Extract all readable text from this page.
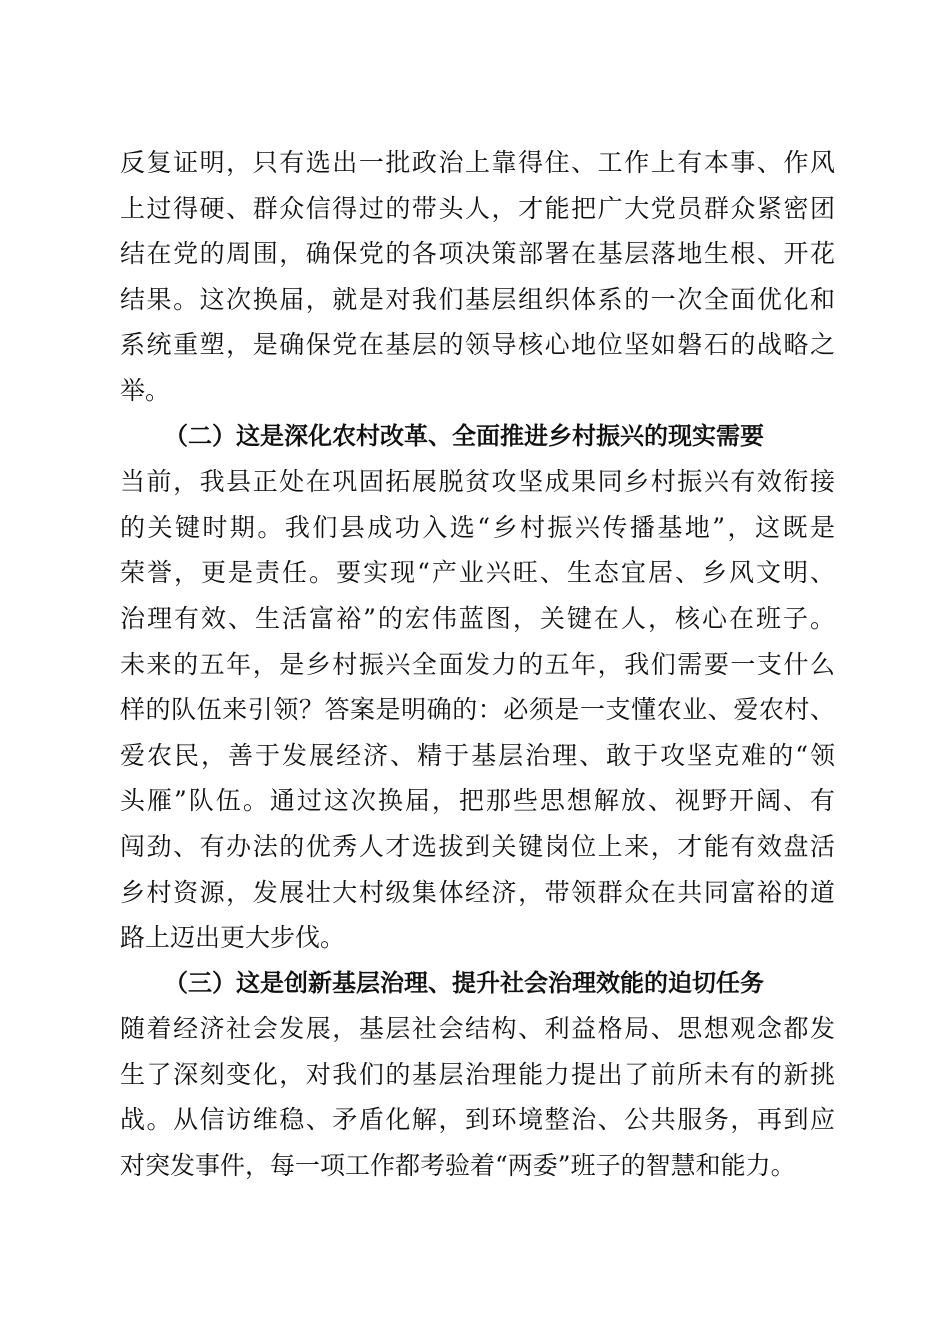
反复证明，只有选出一批政治上靠得住、工作上有本事、作风
上过得硬、群众信得过的带头人，才能把广大党员群众紧密团
结在党的周围，确保党的各项决策部署在基层落地生根、开花
结果。这次换届，就是对我们基层组织体系的一次全面优化和
系统重塑，是确保党在基层的领导核心地位坚如磐石的战略之
举。
（二）这是深化农村改革、全面推进乡村振兴的现实需要
当前，我县正处在巩固拓展脱贫攻坚成果同乡村振兴有效衔接
的关键时期。我们县成功入选“乡村振兴传播基地”，这既是
荣誉，更是责任。要实现“产业兴旺、生态宜居、乡风文明、
治理有效、生活富裕”的宏伟蓝图，关键在人，核心在班子。
未来的五年，是乡村振兴全面发力的五年，我们需要一支什么
样的队伍来引领？答案是明确的：必须是一支懂农业、爱农村、
爱农民，善于发展经济、精于基层治理、敢于攻坚克难的“领
头雁”队伍。通过这次换届，把那些思想解放、视野开阔、有
闯劲、有办法的优秀人才选拔到关键岗位上来，才能有效盘活
乡村资源，发展壮大村级集体经济，带领群众在共同富裕的道
路上迈出更大步伐。
（三）这是创新基层治理、提升社会治理效能的迫切任务
随着经济社会发展，基层社会结构、利益格局、思想观念都发
生了深刻变化，对我们的基层治理能力提出了前所未有的新挑
战。从信访维稳、矛盾化解，到环境整治、公共服务，再到应
对突发事件，每一项工作都考验着“两委”班子的智慧和能力。
